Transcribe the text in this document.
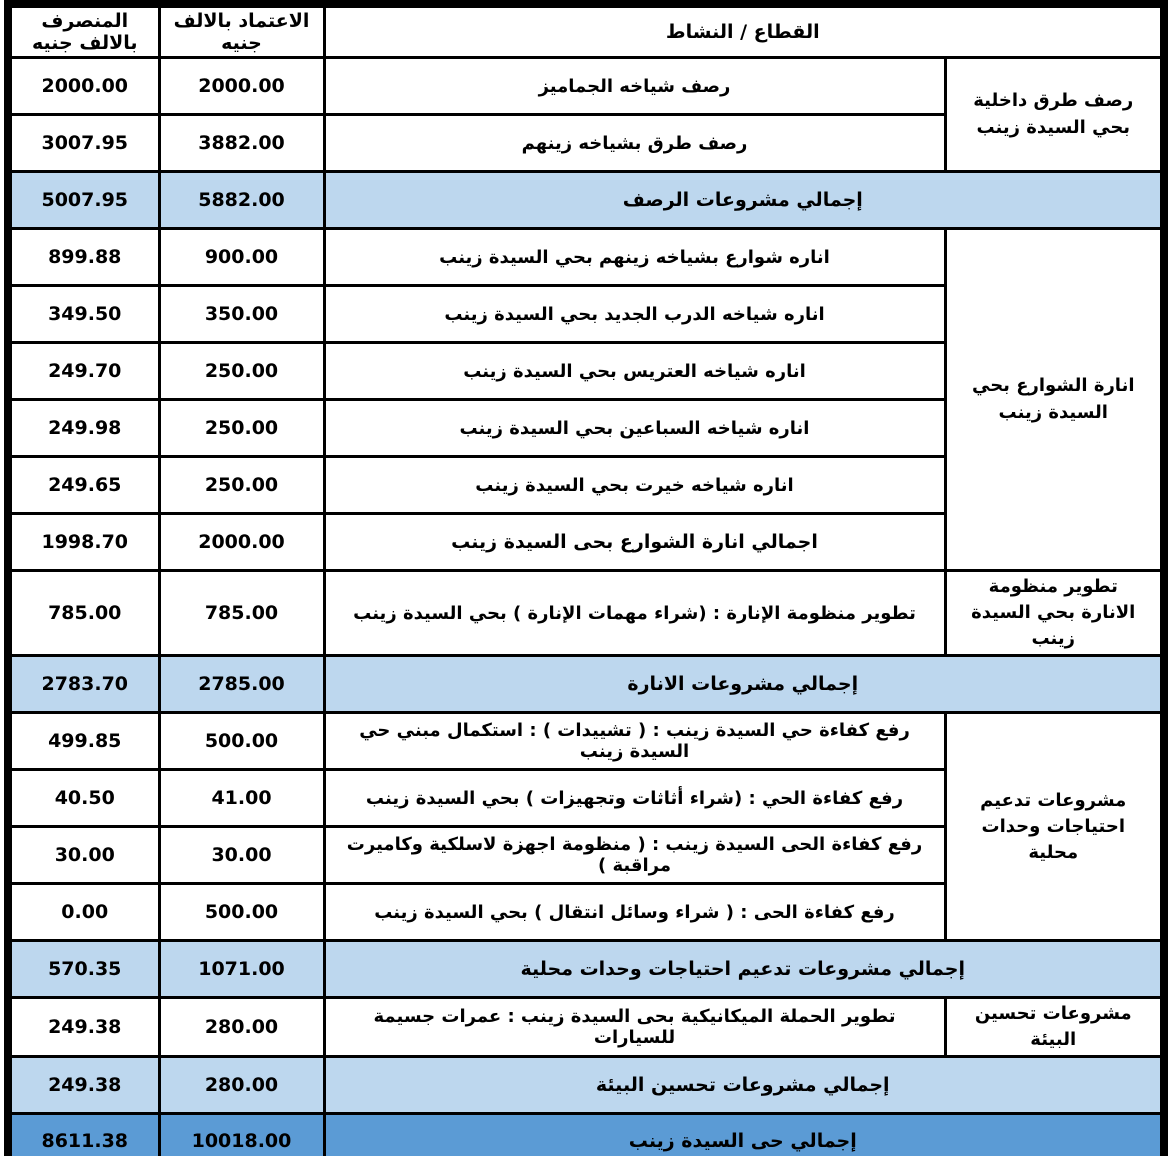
القطاع / النشاط		الاعتماد بالالف جنيه	المنصرف بالالف جنيه
رصف طرق داخلية بحي السيدة زينب	رصف شياخه الجماميز	2000.00	2000.00
	رصف طرق بشياخه زينهم	3882.00	3007.95
إجمالي مشروعات الرصف		5882.00	5007.95
انارة الشوارع بحي السيدة زينب	اناره شوارع بشياخه زينهم بحي السيدة زينب	900.00	899.88
	اناره شياخه الدرب الجديد بحي السيدة زينب	350.00	349.50
	اناره شياخه العتريس بحي السيدة زينب	250.00	249.70
	اناره شياخه السباعين بحي السيدة زينب	250.00	249.98
	اناره شياخه خيرت بحي السيدة زينب	250.00	249.65
	اجمالي انارة الشوارع بحى السيدة زينب	2000.00	1998.70
تطوير منظومة الانارة بحي السيدة زينب	تطوير منظومة الإنارة : (شراء مهمات الإنارة ) بحي السيدة زينب	785.00	785.00
إجمالي مشروعات الانارة		2785.00	2783.70
مشروعات تدعيم احتياجات وحدات محلية	رفع كفاءة حي السيدة زينب : ( تشييدات ) : استكمال مبني حي السيدة زينب	500.00	499.85
	رفع كفاءة الحي : (شراء أثاثات وتجهيزات ) بحي السيدة زينب	41.00	40.50
	رفع كفاءة الحى السيدة زينب : ( منظومة اجهزة لاسلكية وكاميرت مراقبة )	30.00	30.00
	رفع كفاءة الحى : ( شراء وسائل انتقال ) بحي السيدة زينب	500.00	0.00
إجمالي مشروعات تدعيم احتياجات وحدات محلية		1071.00	570.35
مشروعات تحسين البيئة	تطوير الحملة الميكانيكية بحى السيدة زينب : عمرات جسيمة للسيارات	280.00	249.38
إجمالي مشروعات تحسين البيئة		280.00	249.38
إجمالي حى السيدة زينب		10018.00	8611.38
